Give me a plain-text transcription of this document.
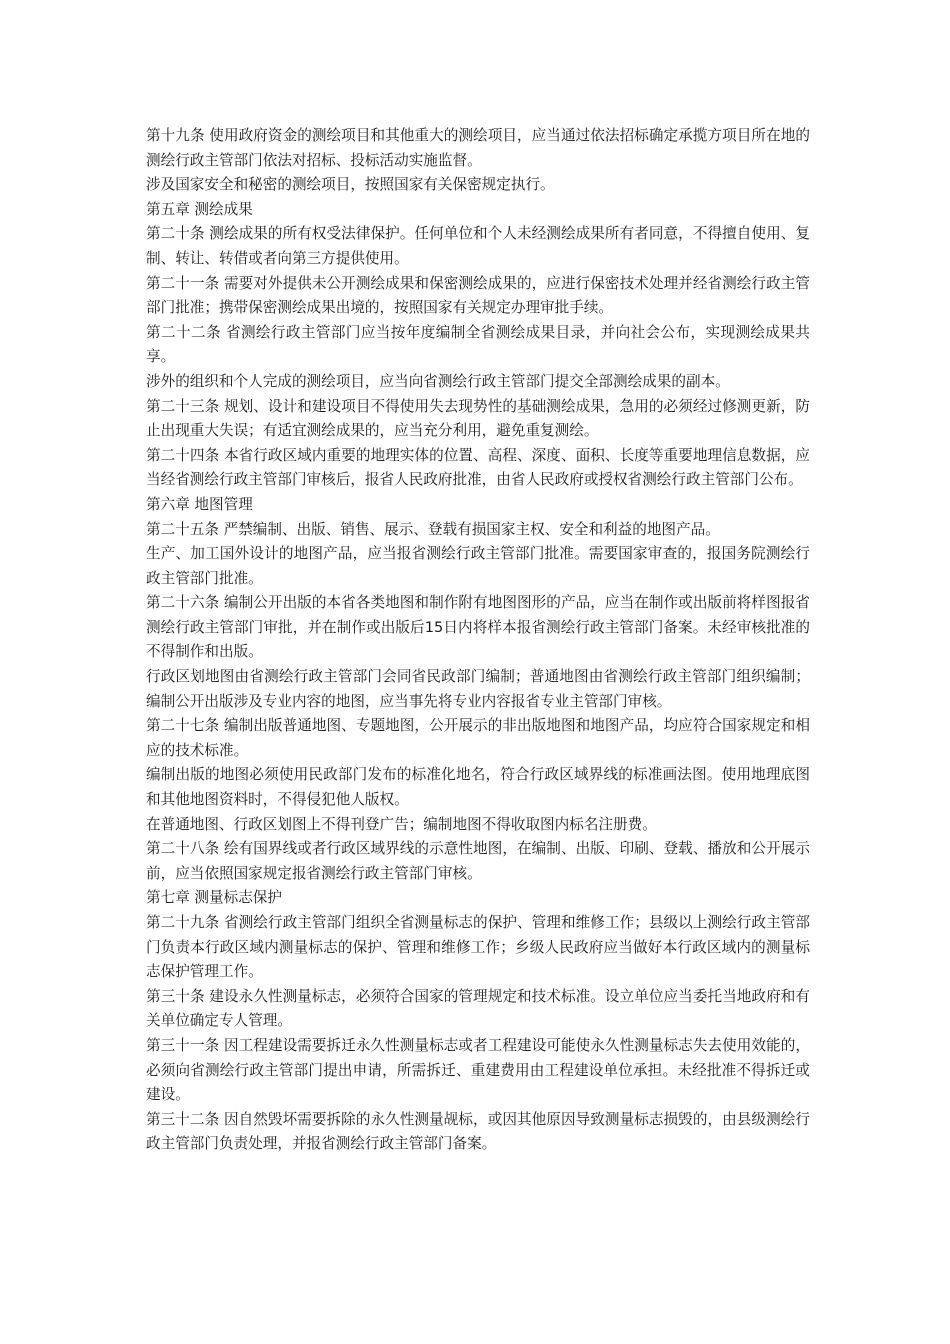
第十九条 使用政府资金的测绘项目和其他重大的测绘项目，应当通过依法招标确定承揽方项目所在地的测绘行政主管部门依法对招标、投标活动实施监督。

涉及国家安全和秘密的测绘项目，按照国家有关保密规定执行。

第五章 测绘成果

第二十条 测绘成果的所有权受法律保护。任何单位和个人未经测绘成果所有者同意，不得擅自使用、复制、转让、转借或者向第三方提供使用。

第二十一条 需要对外提供未公开测绘成果和保密测绘成果的，应进行保密技术处理并经省测绘行政主管部门批准；携带保密测绘成果出境的，按照国家有关规定办理审批手续。

第二十二条 省测绘行政主管部门应当按年度编制全省测绘成果目录，并向社会公布，实现测绘成果共享。

涉外的组织和个人完成的测绘项目，应当向省测绘行政主管部门提交全部测绘成果的副本。

第二十三条 规划、设计和建设项目不得使用失去现势性的基础测绘成果，急用的必须经过修测更新，防止出现重大失误；有适宜测绘成果的，应当充分利用，避免重复测绘。

第二十四条 本省行政区域内重要的地理实体的位置、高程、深度、面积、长度等重要地理信息数据，应当经省测绘行政主管部门审核后，报省人民政府批准，由省人民政府或授权省测绘行政主管部门公布。

第六章 地图管理

第二十五条 严禁编制、出版、销售、展示、登载有损国家主权、安全和利益的地图产品。

生产、加工国外设计的地图产品，应当报省测绘行政主管部门批准。需要国家审查的，报国务院测绘行政主管部门批准。

第二十六条 编制公开出版的本省各类地图和制作附有地图图形的产品，应当在制作或出版前将样图报省测绘行政主管部门审批，并在制作或出版后15日内将样本报省测绘行政主管部门备案。未经审核批准的不得制作和出版。

行政区划地图由省测绘行政主管部门会同省民政部门编制；普通地图由省测绘行政主管部门组织编制；编制公开出版涉及专业内容的地图，应当事先将专业内容报省专业主管部门审核。

第二十七条 编制出版普通地图、专题地图，公开展示的非出版地图和地图产品，均应符合国家规定和相应的技术标准。

编制出版的地图必须使用民政部门发布的标准化地名，符合行政区域界线的标准画法图。使用地理底图和其他地图资料时，不得侵犯他人版权。

在普通地图、行政区划图上不得刊登广告；编制地图不得收取图内标名注册费。

第二十八条 绘有国界线或者行政区域界线的示意性地图，在编制、出版、印刷、登载、播放和公开展示前，应当依照国家规定报省测绘行政主管部门审核。

第七章 测量标志保护

第二十九条 省测绘行政主管部门组织全省测量标志的保护、管理和维修工作；县级以上测绘行政主管部门负责本行政区域内测量标志的保护、管理和维修工作；乡级人民政府应当做好本行政区域内的测量标志保护管理工作。

第三十条 建设永久性测量标志，必须符合国家的管理规定和技术标准。设立单位应当委托当地政府和有关单位确定专人管理。

第三十一条 因工程建设需要拆迁永久性测量标志或者工程建设可能使永久性测量标志失去使用效能的，必须向省测绘行政主管部门提出申请，所需拆迁、重建费用由工程建设单位承担。未经批准不得拆迁或建设。

第三十二条 因自然毁坏需要拆除的永久性测量觇标，或因其他原因导致测量标志损毁的，由县级测绘行政主管部门负责处理，并报省测绘行政主管部门备案。
